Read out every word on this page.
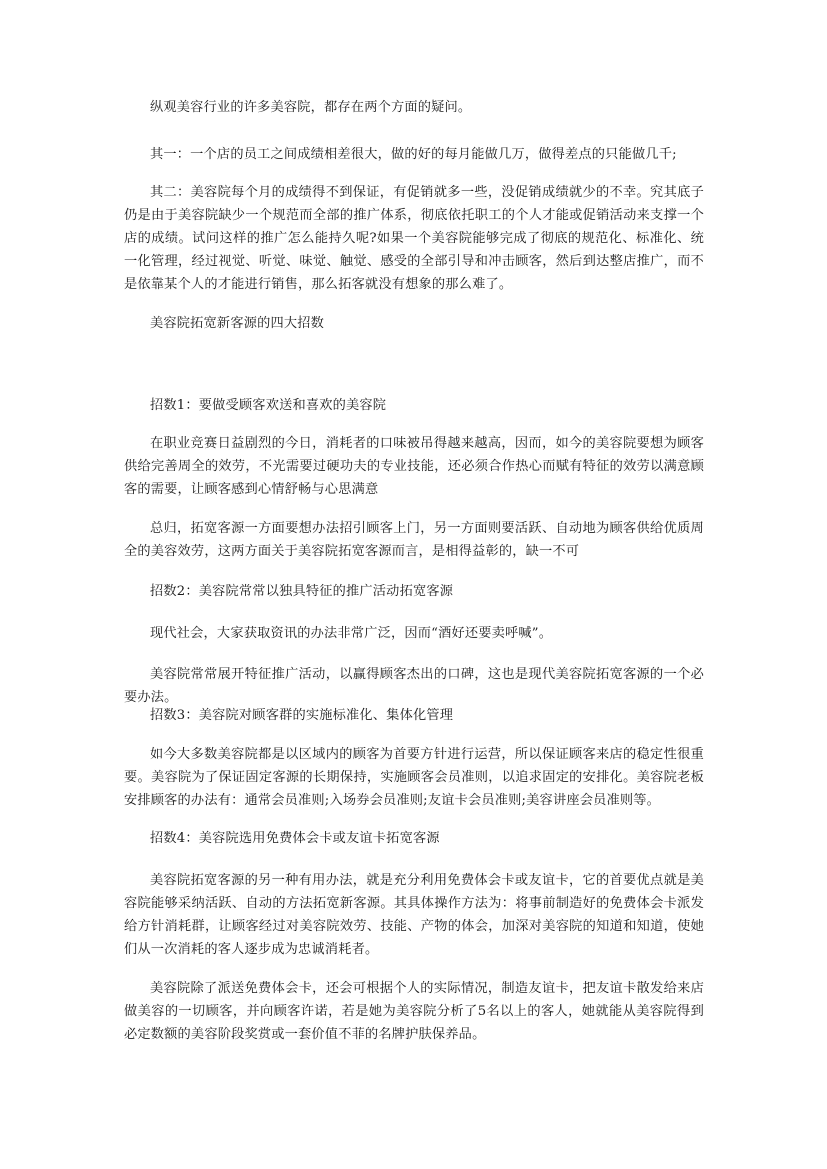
纵观美容行业的许多美容院，都存在两个方面的疑问。

其一：一个店的员工之间成绩相差很大，做的好的每月能做几万，做得差点的只能做几千;

其二：美容院每个月的成绩得不到保证，有促销就多一些，没促销成绩就少的不幸。究其底子仍是由于美容院缺少一个规范而全部的推广体系，彻底依托职工的个人才能或促销活动来支撑一个店的成绩。试问这样的推广怎么能持久呢?如果一个美容院能够完成了彻底的规范化、标准化、统一化管理，经过视觉、听觉、味觉、触觉、感受的全部引导和冲击顾客，然后到达整店推广，而不是依靠某个人的才能进行销售，那么拓客就没有想象的那么难了。

美容院拓宽新客源的四大招数

招数1：要做受顾客欢送和喜欢的美容院

在职业竞赛日益剧烈的今日，消耗者的口味被吊得越来越高，因而，如今的美容院要想为顾客供给完善周全的效劳，不光需要过硬功夫的专业技能，还必须合作热心而赋有特征的效劳以满意顾客的需要，让顾客感到心情舒畅与心思满意

总归，拓宽客源一方面要想办法招引顾客上门，另一方面则要活跃、自动地为顾客供给优质周全的美容效劳，这两方面关于美容院拓宽客源而言，是相得益彰的，缺一不可

招数2：美容院常常以独具特征的推广活动拓宽客源

现代社会，大家获取资讯的办法非常广泛，因而“酒好还要卖呼喊”。

美容院常常展开特征推广活动，以赢得顾客杰出的口碑，这也是现代美容院拓宽客源的一个必要办法。

招数3：美容院对顾客群的实施标准化、集体化管理

如今大多数美容院都是以区域内的顾客为首要方针进行运营，所以保证顾客来店的稳定性很重要。美容院为了保证固定客源的长期保持，实施顾客会员准则，以追求固定的安排化。美容院老板安排顾客的办法有：通常会员准则;入场券会员准则;友谊卡会员准则;美容讲座会员准则等。

招数4：美容院选用免费体会卡或友谊卡拓宽客源

美容院拓宽客源的另一种有用办法，就是充分利用免费体会卡或友谊卡，它的首要优点就是美容院能够采纳活跃、自动的方法拓宽新客源。其具体操作方法为：将事前制造好的免费体会卡派发给方针消耗群，让顾客经过对美容院效劳、技能、产物的体会，加深对美容院的知道和知道，使她们从一次消耗的客人逐步成为忠诚消耗者。

美容院除了派送免费体会卡，还会可根据个人的实际情况，制造友谊卡，把友谊卡散发给来店做美容的一切顾客，并向顾客许诺，若是她为美容院分析了5名以上的客人，她就能从美容院得到必定数额的美容阶段奖赏或一套价值不菲的名牌护肤保养品。
